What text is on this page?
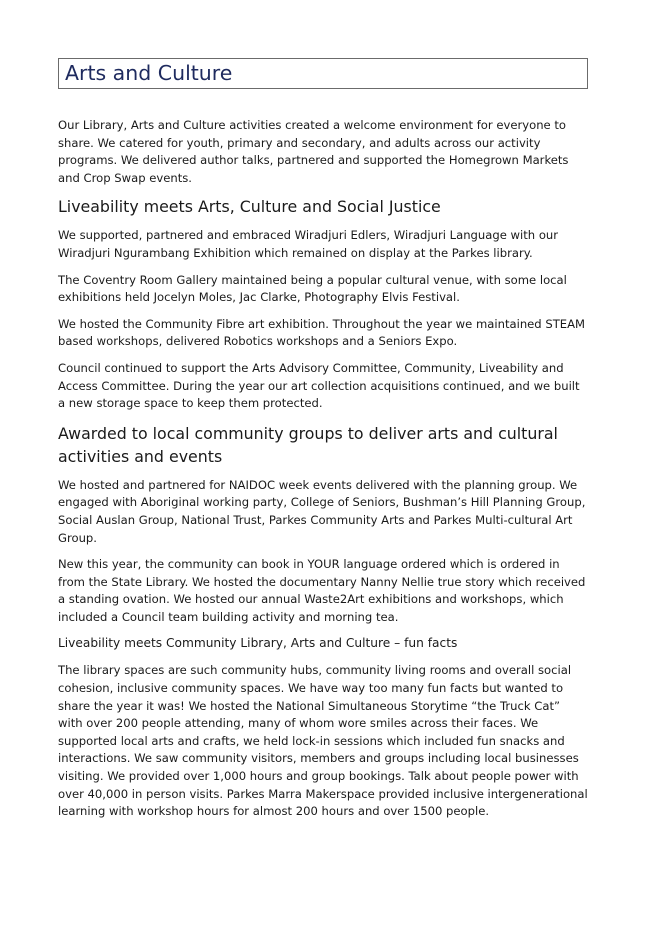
Arts and Culture

Our Library, Arts and Culture activities created a welcome environment for everyone to share. We catered for youth, primary and secondary, and adults across our activity programs. We delivered author talks, partnered and supported the Homegrown Markets and Crop Swap events.

Liveability meets Arts, Culture and Social Justice

We supported, partnered and embraced Wiradjuri Edlers, Wiradjuri Language with our Wiradjuri Ngurambang Exhibition which remained on display at the Parkes library.

The Coventry Room Gallery maintained being a popular cultural venue, with some local exhibitions held Jocelyn Moles, Jac Clarke, Photography Elvis Festival.

We hosted the Community Fibre art exhibition. Throughout the year we maintained STEAM based workshops, delivered Robotics workshops and a Seniors Expo.

Council continued to support the Arts Advisory Committee, Community, Liveability and Access Committee. During the year our art collection acquisitions continued, and we built a new storage space to keep them protected.

Awarded to local community groups to deliver arts and cultural activities and events

We hosted and partnered for NAIDOC week events delivered with the planning group. We engaged with Aboriginal working party, College of Seniors, Bushman’s Hill Planning Group, Social Auslan Group, National Trust, Parkes Community Arts and Parkes Multi-cultural Art Group.

New this year, the community can book in YOUR language ordered which is ordered in from the State Library. We hosted the documentary Nanny Nellie true story which received a standing ovation. We hosted our annual Waste2Art exhibitions and workshops, which included a Council team building activity and morning tea.

Liveability meets Community Library, Arts and Culture – fun facts

The library spaces are such community hubs, community living rooms and overall social cohesion, inclusive community spaces. We have way too many fun facts but wanted to share the year it was! We hosted the National Simultaneous Storytime “the Truck Cat” with over 200 people attending, many of whom wore smiles across their faces. We supported local arts and crafts, we held lock-in sessions which included fun snacks and interactions. We saw community visitors, members and groups including local businesses visiting. We provided over 1,000 hours and group bookings. Talk about people power with over 40,000 in person visits. Parkes Marra Makerspace provided inclusive intergenerational learning with workshop hours for almost 200 hours and over 1500 people.
